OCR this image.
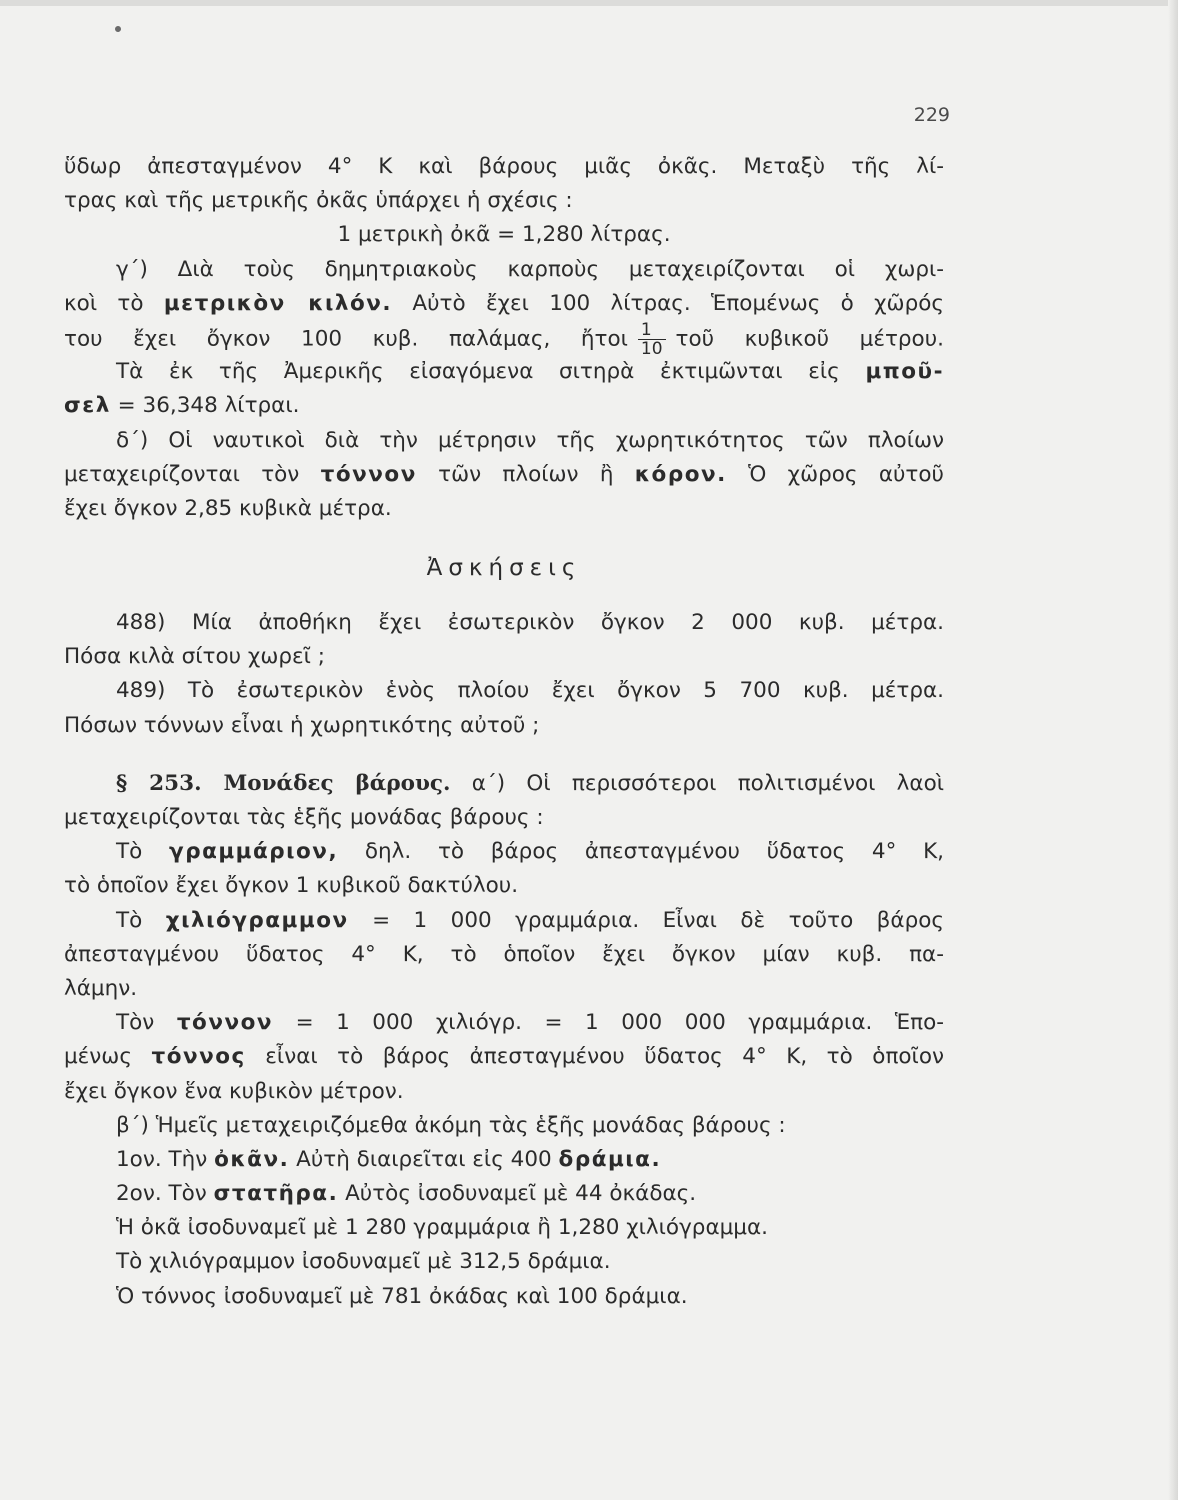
229
ὕδωρ ἀπεσταγμένον 4° Κ καὶ βάρους μιᾶς ὀκᾶς. Μεταξὺ τῆς λί-
τρας καὶ τῆς μετρικῆς ὀκᾶς ὑπάρχει ἡ σχέσις :
1 μετρικὴ ὀκᾶ = 1,280 λίτρας.
γ΄) Διὰ τοὺς δημητριακοὺς καρποὺς μεταχειρίζονται οἱ χωρι-
κοὶ τὸ μετρικὸν κιλόν. Αὐτὸ ἔχει 100 λίτρας. Ἑπομένως ὁ χῶρός
του ἔχει ὄγκον 100 κυβ. παλάμας, ἤτοι $\frac{1}{10}$ τοῦ κυβικοῦ μέτρου.
Τὰ ἐκ τῆς Ἀμερικῆς εἰσαγόμενα σιτηρὰ ἐκτιμῶνται εἰς μποῦ-
σελ = 36,348 λίτραι.
δ΄) Οἱ ναυτικοὶ διὰ τὴν μέτρησιν τῆς χωρητικότητος τῶν πλοίων
μεταχειρίζονται τὸν τόννον τῶν πλοίων ἢ κόρον. Ὁ χῶρος αὐτοῦ
ἔχει ὄγκον 2,85 κυβικὰ μέτρα.
Ἀσκήσεις
488) Μία ἀποθήκη ἔχει ἐσωτερικὸν ὄγκον 2 000 κυβ. μέτρα.
Πόσα κιλὰ σίτου χωρεῖ ;
489) Τὸ ἐσωτερικὸν ἑνὸς πλοίου ἔχει ὄγκον 5 700 κυβ. μέτρα.
Πόσων τόννων εἶναι ἡ χωρητικότης αὐτοῦ ;
§ 253. Μονάδες βάρους. α΄) Οἱ περισσότεροι πολιτισμένοι λαοὶ
μεταχειρίζονται τὰς ἑξῆς μονάδας βάρους :
Τὸ γραμμάριον, δηλ. τὸ βάρος ἀπεσταγμένου ὕδατος 4° Κ,
τὸ ὁποῖον ἔχει ὄγκον 1 κυβικοῦ δακτύλου.
Τὸ χιλιόγραμμον = 1 000 γραμμάρια. Εἶναι δὲ τοῦτο βάρος
ἀπεσταγμένου ὕδατος 4° Κ, τὸ ὁποῖον ἔχει ὄγκον μίαν κυβ. πα-
λάμην.
Τὸν τόννον = 1 000 χιλιόγρ. = 1 000 000 γραμμάρια. Ἑπο-
μένως τόννος εἶναι τὸ βάρος ἀπεσταγμένου ὕδατος 4° Κ, τὸ ὁποῖον
ἔχει ὄγκον ἕνα κυβικὸν μέτρον.
β΄) Ἡμεῖς μεταχειριζόμεθα ἀκόμη τὰς ἑξῆς μονάδας βάρους :
1ον. Τὴν ὀκᾶν. Αὐτὴ διαιρεῖται εἰς 400 δράμια.
2ον. Τὸν στατῆρα. Αὐτὸς ἰσοδυναμεῖ μὲ 44 ὀκάδας.
Ἡ ὀκᾶ ἰσοδυναμεῖ μὲ 1 280 γραμμάρια ἢ 1,280 χιλιόγραμμα.
Τὸ χιλιόγραμμον ἰσοδυναμεῖ μὲ 312,5 δράμια.
Ὁ τόννος ἰσοδυναμεῖ μὲ 781 ὀκάδας καὶ 100 δράμια.
